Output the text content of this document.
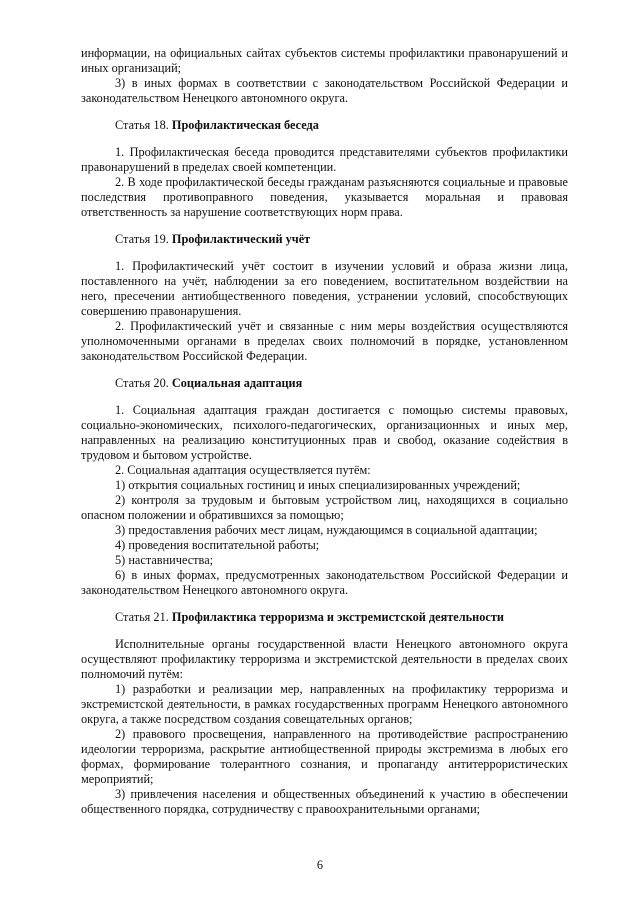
информации, на официальных сайтах субъектов системы профилактики правонарушений и иных организаций;

3) в иных формах в соответствии с законодательством Российской Федерации и законодательством Ненецкого автономного округа.

Статья 18. Профилактическая беседа

1. Профилактическая беседа проводится представителями субъектов профилактики правонарушений в пределах своей компетенции.

2. В ходе профилактической беседы гражданам разъясняются социальные и правовые последствия противоправного поведения, указывается моральная и правовая ответственность за нарушение соответствующих норм права.

Статья 19. Профилактический учёт

1. Профилактический учёт состоит в изучении условий и образа жизни лица, поставленного на учёт, наблюдении за его поведением, воспитательном воздействии на него, пресечении антиобщественного поведения, устранении условий, способствующих совершению правонарушения.

2. Профилактический учёт и связанные с ним меры воздействия осуществляются уполномоченными органами в пределах своих полномочий в порядке, установленном законодательством Российской Федерации.

Статья 20. Социальная адаптация

1. Социальная адаптация граждан достигается с помощью системы правовых, социально-экономических, психолого-педагогических, организационных и иных мер, направленных на реализацию конституционных прав и свобод, оказание содействия в трудовом и бытовом устройстве.

2. Социальная адаптация осуществляется путём:

1) открытия социальных гостиниц и иных специализированных учреждений;

2) контроля за трудовым и бытовым устройством лиц, находящихся в социально опасном положении и обратившихся за помощью;

3) предоставления рабочих мест лицам, нуждающимся в социальной адаптации;

4) проведения воспитательной работы;

5) наставничества;

6) в иных формах, предусмотренных законодательством Российской Федерации и законодательством Ненецкого автономного округа.

Статья 21. Профилактика терроризма и экстремистской деятельности

Исполнительные органы государственной власти Ненецкого автономного округа осуществляют профилактику терроризма и экстремистской деятельности в пределах своих полномочий путём:

1) разработки и реализации мер, направленных на профилактику терроризма и экстремистской деятельности, в рамках государственных программ Ненецкого автономного округа, а также посредством создания совещательных органов;

2) правового просвещения, направленного на противодействие распространению идеологии терроризма, раскрытие антиобщественной природы экстремизма в любых его формах, формирование толерантного сознания, и пропаганду антитеррористических мероприятий;

3) привлечения населения и общественных объединений к участию в обеспечении общественного порядка, сотрудничеству с правоохранительными органами;

6
